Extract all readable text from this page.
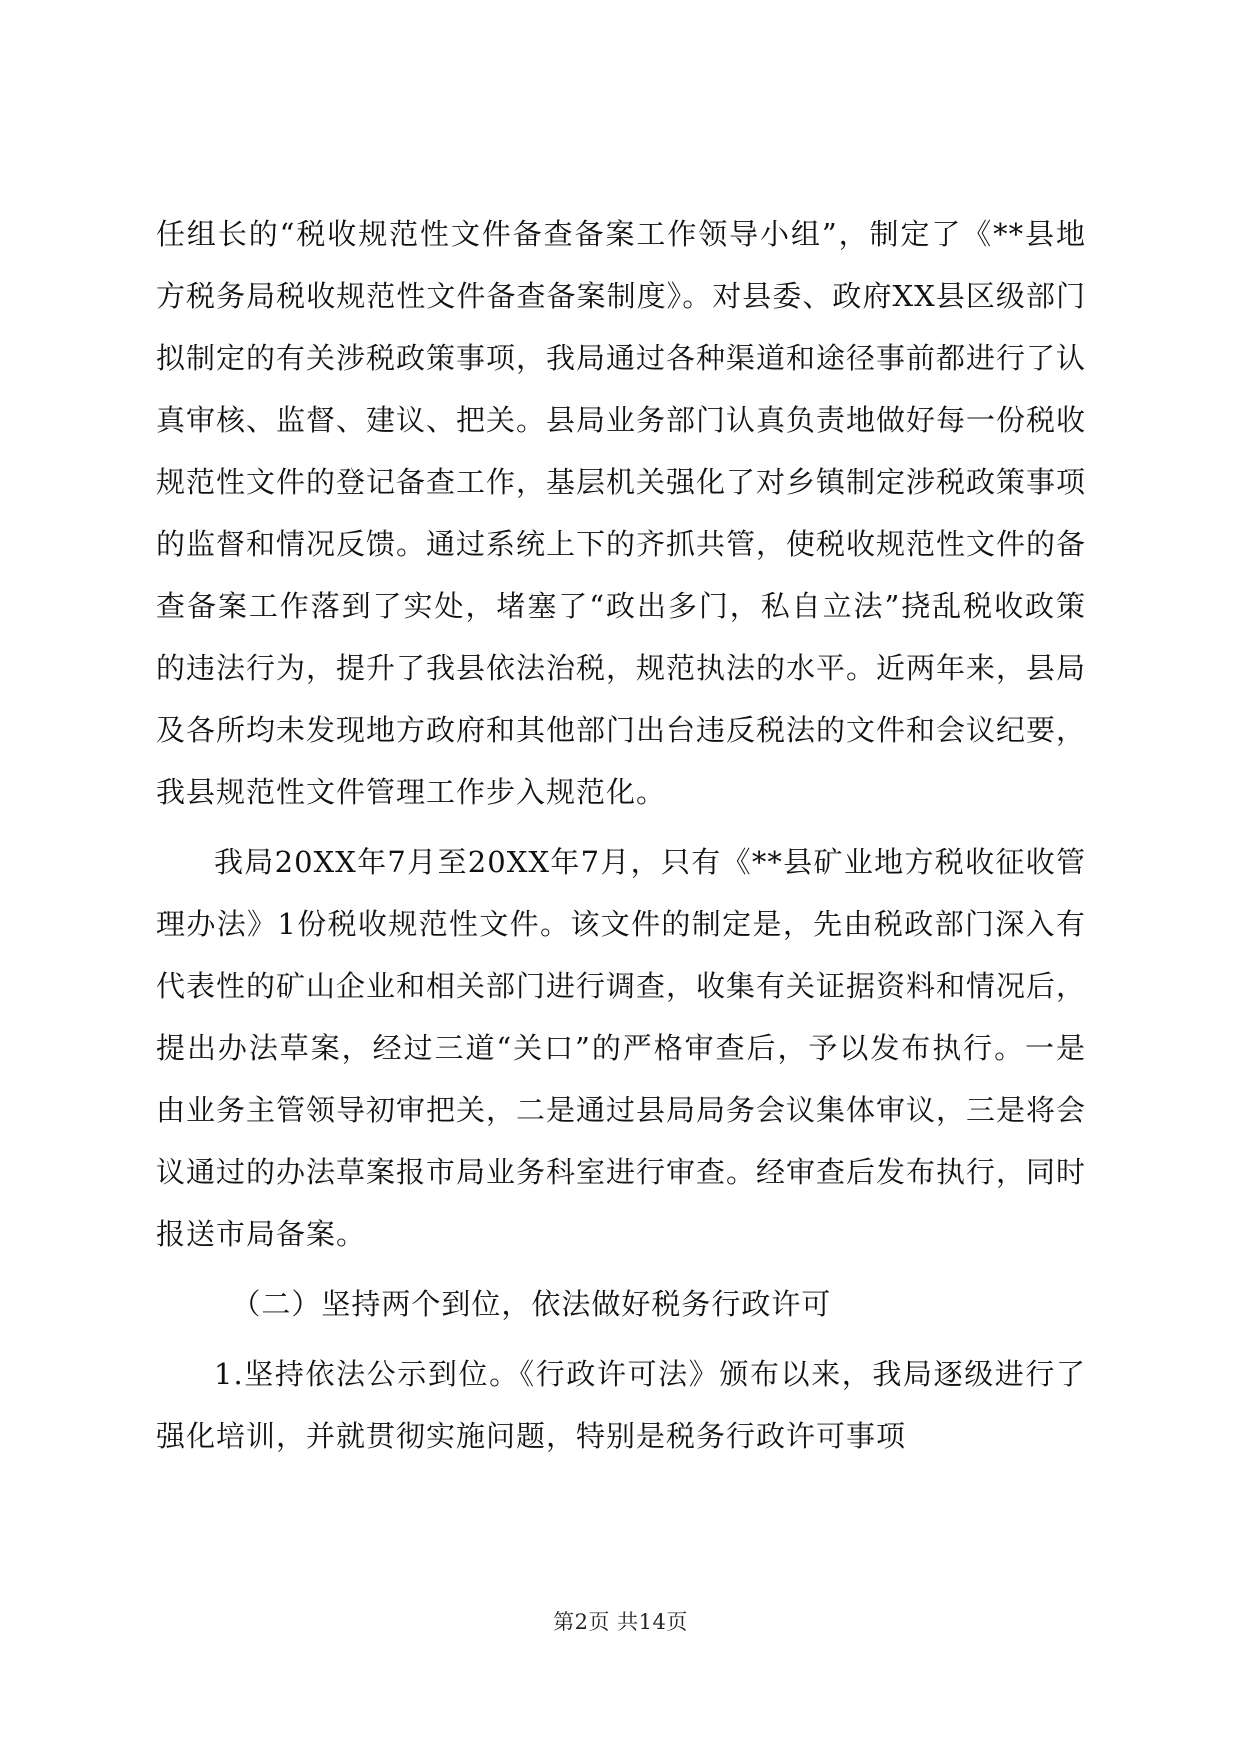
任组长的“税收规范性文件备查备案工作领导小组”，制定了《**县地方税务局税收规范性文件备查备案制度》。对县委、政府XX县区级部门拟制定的有关涉税政策事项，我局通过各种渠道和途径事前都进行了认真审核、监督、建议、把关。县局业务部门认真负责地做好每一份税收规范性文件的登记备查工作，基层机关强化了对乡镇制定涉税政策事项的监督和情况反馈。通过系统上下的齐抓共管，使税收规范性文件的备查备案工作落到了实处，堵塞了“政出多门，私自立法”挠乱税收政策的违法行为，提升了我县依法治税，规范执法的水平。近两年来，县局及各所均未发现地方政府和其他部门出台违反税法的文件和会议纪要，我县规范性文件管理工作步入规范化。

我局20XX年7月至20XX年7月，只有《**县矿业地方税收征收管理办法》1份税收规范性文件。该文件的制定是，先由税政部门深入有代表性的矿山企业和相关部门进行调查，收集有关证据资料和情况后，提出办法草案，经过三道“关口”的严格审查后，予以发布执行。一是由业务主管领导初审把关，二是通过县局局务会议集体审议，三是将会议通过的办法草案报市局业务科室进行审查。经审查后发布执行，同时报送市局备案。

（二）坚持两个到位，依法做好税务行政许可

1.坚持依法公示到位。《行政许可法》颁布以来，我局逐级进行了强化培训，并就贯彻实施问题，特别是税务行政许可事项

第2页 共14页
